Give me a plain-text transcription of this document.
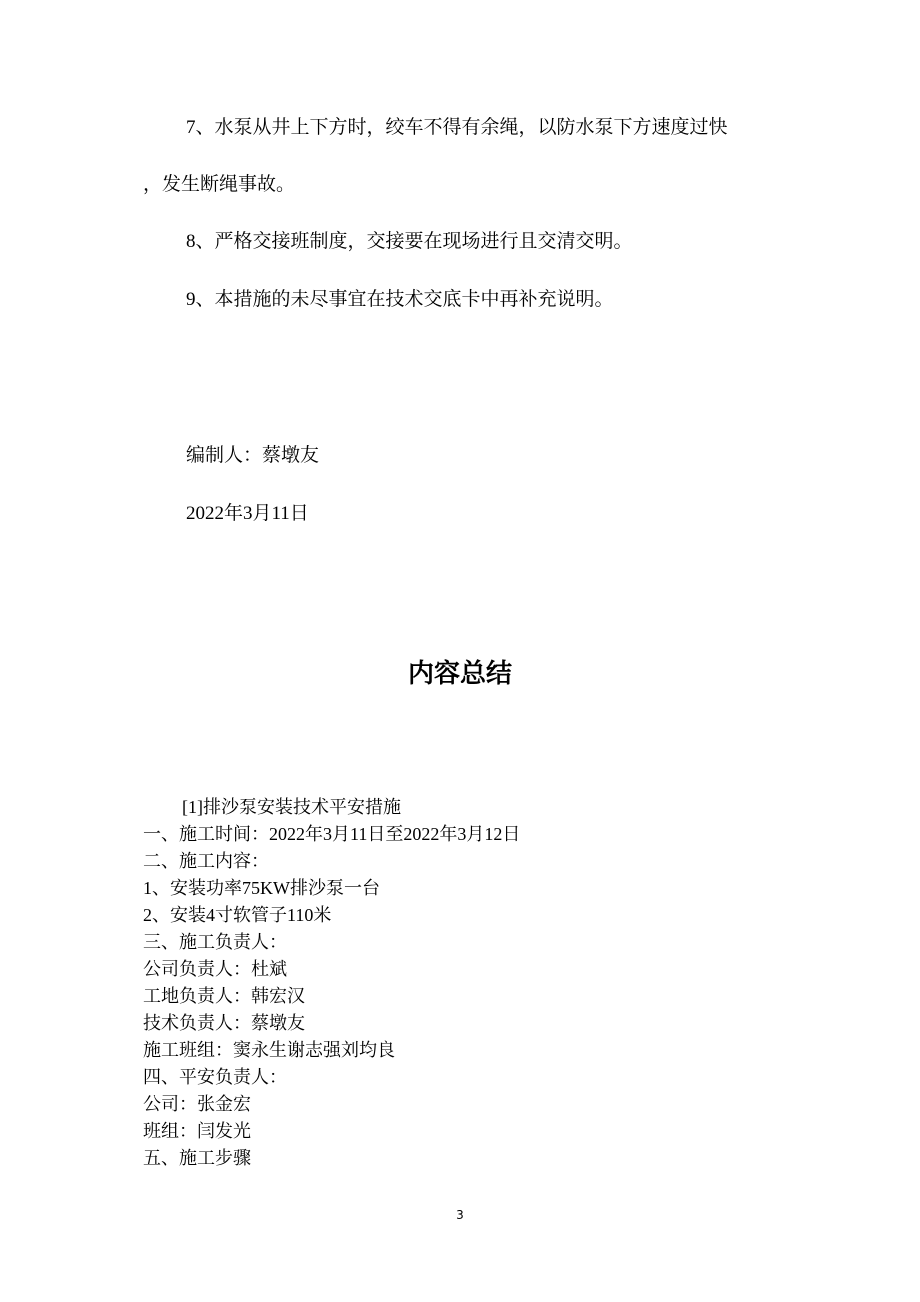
7、水泵从井上下方时，绞车不得有余绳，以防水泵下方速度过快
，发生断绳事故。
8、严格交接班制度，交接要在现场进行且交清交明。
9、本措施的未尽事宜在技术交底卡中再补充说明。
编制人：蔡墩友
2022年3月11日
内容总结
[1]排沙泵安装技术平安措施
一、施工时间：2022年3月11日至2022年3月12日
二、施工内容：
1、安装功率75KW排沙泵一台
2、安装4寸软管子110米
三、施工负责人：
公司负责人：杜斌
工地负责人：韩宏汉
技术负责人：蔡墩友
施工班组：窦永生谢志强刘均良
四、平安负责人：
公司：张金宏
班组：闫发光
五、施工步骤
3
